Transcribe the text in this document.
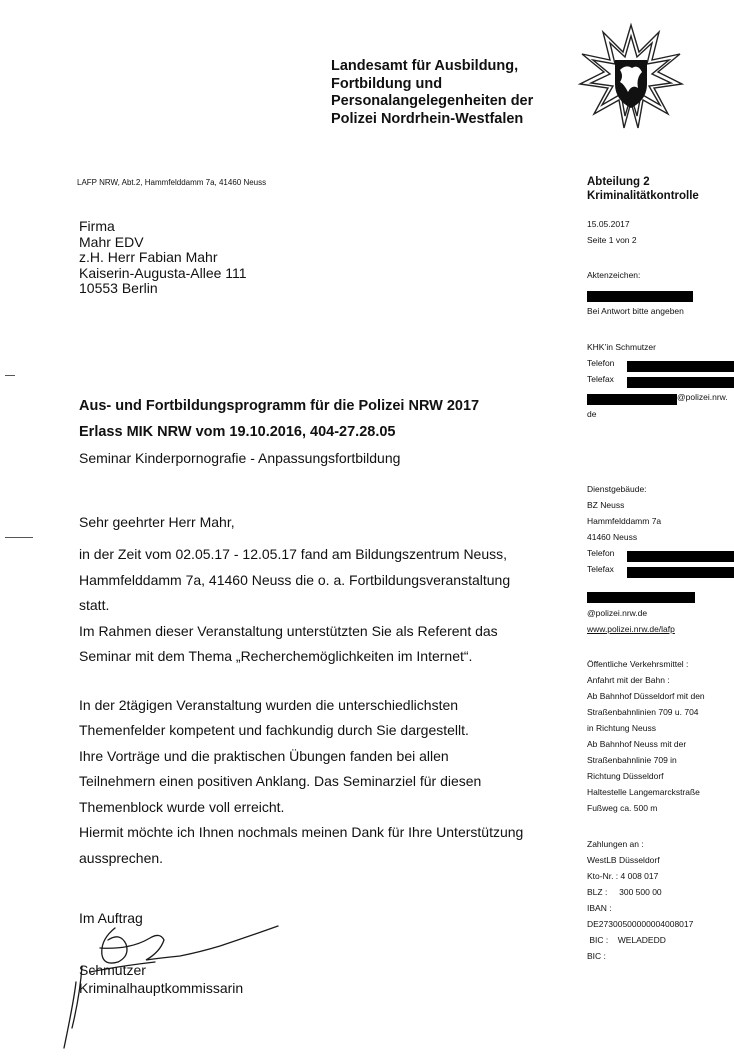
Landesamt für Ausbildung,
Fortbildung und
Personalangelegenheiten der
Polizei Nordrhein-Westfalen
LAFP NRW, Abt.2, Hammfelddamm 7a, 41460 Neuss
Firma
Mahr EDV
z.H. Herr Fabian Mahr
Kaiserin-Augusta-Allee 111
10553 Berlin
Aus- und Fortbildungsprogramm für die Polizei NRW 2017
Erlass MIK NRW vom 19.10.2016, 404-27.28.05
Seminar Kinderpornografie - Anpassungsfortbildung

Sehr geehrter Herr Mahr,

in der Zeit vom 02.05.17 - 12.05.17 fand am Bildungszentrum Neuss,
Hammfelddamm 7a, 41460 Neuss die o. a. Fortbildungsveranstaltung
statt.
Im Rahmen dieser Veranstaltung unterstützten Sie als Referent das
Seminar mit dem Thema „Recherchemöglichkeiten im Internet“.
In der 2tägigen Veranstaltung wurden die unterschiedlichsten
Themenfelder kompetent und fachkundig durch Sie dargestellt.
Ihre Vorträge und die praktischen Übungen fanden bei allen
Teilnehmern einen positiven Anklang. Das Seminarziel für diesen
Themenblock wurde voll erreicht.
Hiermit möchte ich Ihnen nochmals meinen Dank für Ihre Unterstützung
aussprechen.
Im Auftrag
Schmutzer
Kriminalhauptkommissarin
Abteilung 2
Kriminalitätkontrolle
15.05.2017
Seite 1 von 2
Aktenzeichen:
Bei Antwort bitte angeben
KHK’in Schmutzer
Telefon
Telefax
@polizei.nrw.
de
Dienstgebäude:
BZ Neuss
Hammfelddamm 7a
41460 Neuss
Telefon
Telefax
@polizei.nrw.de
www.polizei.nrw.de/lafp
Öffentliche Verkehrsmittel :
Anfahrt mit der Bahn :
Ab Bahnhof Düsseldorf mit den
Straßenbahnlinien 709 u. 704
in Richtung Neuss
Ab Bahnhof Neuss mit der
Straßenbahnlinie 709 in
Richtung Düsseldorf
Haltestelle Langemarckstraße
Fußweg ca. 500 m
Zahlungen an :
WestLB Düsseldorf
Kto-Nr. : 4 008 017
BLZ :     300 500 00
IBAN :
DE27300500000004008017
BIC :    WELADEDD
BIC :
